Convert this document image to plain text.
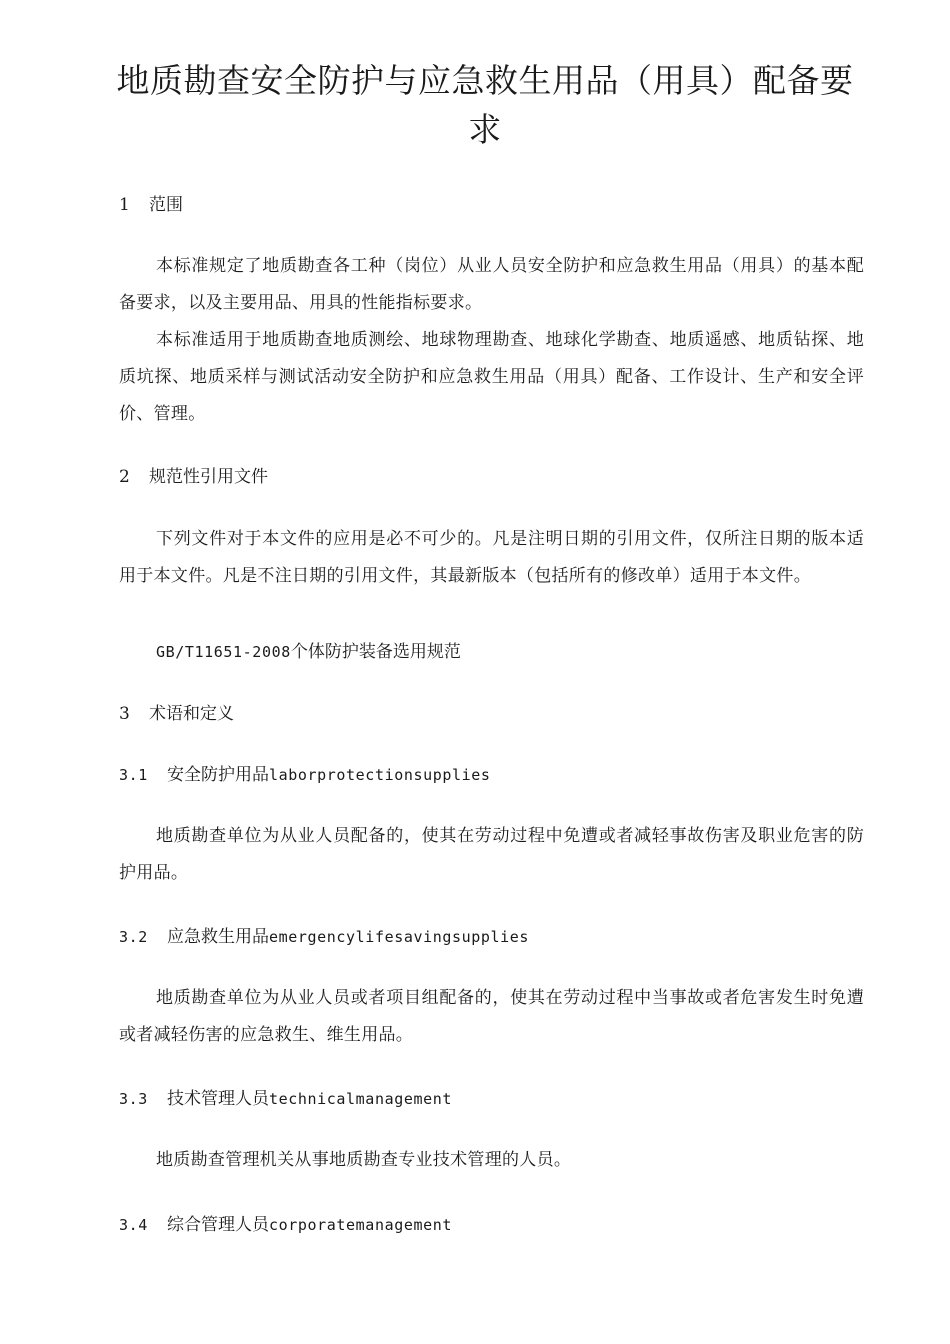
地质勘查安全防护与应急救生用品（用具）配备要求
1 范围
本标准规定了地质勘查各工种（岗位）从业人员安全防护和应急救生用品（用具）的基本配备要求，以及主要用品、用具的性能指标要求。
本标准适用于地质勘查地质测绘、地球物理勘查、地球化学勘查、地质遥感、地质钻探、地质坑探、地质采样与测试活动安全防护和应急救生用品（用具）配备、工作设计、生产和安全评价、管理。
2 规范性引用文件
下列文件对于本文件的应用是必不可少的。凡是注明日期的引用文件，仅所注日期的版本适用于本文件。凡是不注日期的引用文件，其最新版本（包括所有的修改单）适用于本文件。
GB/T11651-2008个体防护装备选用规范
3 术语和定义
3.1 安全防护用品laborprotectionsupplies
地质勘查单位为从业人员配备的，使其在劳动过程中免遭或者减轻事故伤害及职业危害的防护用品。
3.2 应急救生用品emergencylifesavingsupplies
地质勘查单位为从业人员或者项目组配备的，使其在劳动过程中当事故或者危害发生时免遭或者减轻伤害的应急救生、维生用品。
3.3 技术管理人员technicalmanagement
地质勘查管理机关从事地质勘查专业技术管理的人员。
3.4 综合管理人员corporatemanagement
